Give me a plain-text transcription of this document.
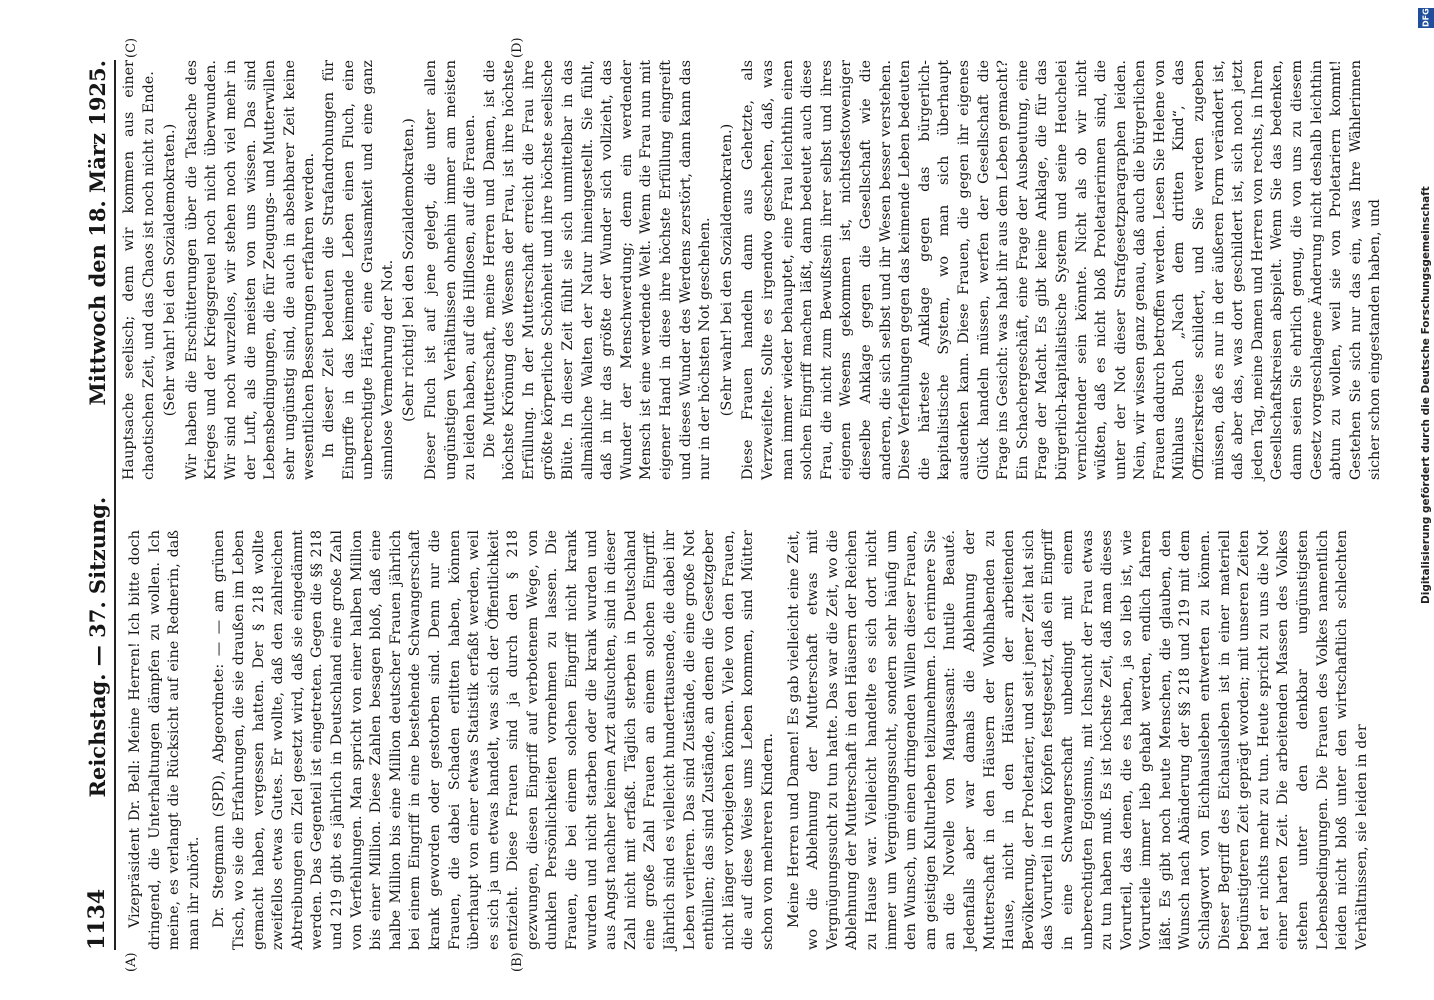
1134
Reichstag. — 37. Sitzung.
Mittwoch den 18. März 1925.
(A)	(B)
(C)	(D)

Vizepräsident Dr. Bell: Meine Herren! Ich bitte doch dringend, die Unterhaltungen dämpfen zu wollen. Ich meine, es verlangt die Rücksicht auf eine Rednerin, daß man ihr zuhört. Dr. Stegmann (SPD), Abgeordnete: — — am grünen Tisch, wo sie die Erfahrungen, die sie draußen im Leben gemacht haben, vergessen hatten. Der § 218 wollte zweifellos etwas Gutes. Er wollte, daß den zahlreichen Abtreibungen ein Ziel gesetzt wird, daß sie eingedämmt werden. Das Gegenteil ist eingetreten. Gegen die §§ 218 und 219 gibt es jährlich in Deutschland eine große Zahl von Verfehlungen. Man spricht von einer halben Million bis einer Million. Diese Zahlen besagen bloß, daß eine halbe Million bis eine Million deutscher Frauen jährlich bei einem Eingriff in eine bestehende Schwangerschaft krank geworden oder gestorben sind. Denn nur die Frauen, die dabei Schaden erlitten haben, können überhaupt von einer etwas Statistik erfaßt werden, weil es sich ja um etwas handelt, was sich der Öffentlichkeit entzieht. Diese Frauen sind ja durch den § 218 gezwungen, diesen Eingriff auf verbotenem Wege, von dunklen Persönlichkeiten vornehmen zu lassen. Die Frauen, die bei einem solchen Eingriff nicht krank wurden und nicht starben oder die krank wurden und aus Angst nachher keinen Arzt aufsuchten, sind in dieser Zahl nicht mit erfaßt. Täglich sterben in Deutschland eine große Zahl Frauen an einem solchen Eingriff. Jährlich sind es vielleicht hunderttausende, die dabei ihr Leben verlieren. Das sind Zustände, die eine große Not enthüllen; das sind Zustände, an denen die Gesetzgeber nicht länger vorbeigehen können. Viele von den Frauen, die auf diese Weise ums Leben kommen, sind Mütter schon von mehreren Kindern. Meine Herren und Damen! Es gab vielleicht eine Zeit, wo die Ablehnung der Mutterschaft etwas mit Vergnügungssucht zu tun hatte. Das war die Zeit, wo die Ablehnung der Mutterschaft in den Häusern der Reichen zu Hause war. Vielleicht handelte es sich dort nicht immer um Vergnügungssucht, sondern sehr häufig um den Wunsch, um einen dringenden Willen dieser Frauen, am geistigen Kulturleben teilzunehmen. Ich erinnere Sie an die Novelle von Maupassant: Inutile Beauté. Jedenfalls aber war damals die Ablehnung der Mutterschaft in den Häusern der Wohlhabenden zu Hause, nicht in den Häusern der arbeitenden Bevölkerung, der Proletarier, und seit jener Zeit hat sich das Vorurteil in den Köpfen festgesetzt, daß ein Eingriff in eine Schwangerschaft unbedingt mit einem unberechtigten Egoismus, mit Ichsucht der Frau etwas zu tun haben muß. Es ist höchste Zeit, daß man dieses Vorurteil, das denen, die es haben, ja so lieb ist, wie Vorurteile immer lieb gehabt werden, endlich fahren läßt. Es gibt noch heute Menschen, die glauben, den Wunsch nach Abänderung der §§ 218 und 219 mit dem Schlagwort von Eichhausleben entwerten zu können. Dieser Begriff des Eichausleben ist in einer materiell begünstigteren Zeit geprägt worden; mit unseren Zeiten hat er nichts mehr zu tun. Heute spricht zu uns die Not einer harten Zeit. Die arbeitenden Massen des Volkes stehen unter den denkbar ungünstigsten Lebensbedingungen. Die Frauen des Volkes namentlich leiden nicht bloß unter den wirtschaftlich schlechten Verhältnissen, sie leiden in der

Hauptsache seelisch; denn wir kommen aus einer chaotischen Zeit, und das Chaos ist noch nicht zu Ende. (Sehr wahr! bei den Sozialdemokraten.) Wir haben die Erschütterungen über die Tatsache des Krieges und der Kriegsgreuel noch nicht überwunden. Wir sind noch wurzellos, wir stehen noch viel mehr in der Luft, als die meisten von uns wissen. Das sind Lebensbedingungen, die für Zeugungs- und Mutterwillen sehr ungünstig sind, die auch in absehbarer Zeit keine wesentlichen Besserungen erfahren werden. In dieser Zeit bedeuten die Strafandrohungen für Eingriffe in das keimende Leben einen Fluch, eine unberechtigte Härte, eine Grausamkeit und eine ganz sinnlose Vermehrung der Not. (Sehr richtig! bei den Sozialdemokraten.) Dieser Fluch ist auf jene gelegt, die unter allen ungünstigen Verhältnissen ohnehin immer am meisten zu leiden haben, auf die Hilflosen, auf die Frauen. Die Mutterschaft, meine Herren und Damen, ist die höchste Krönung des Wesens der Frau, ist ihre höchste Erfüllung. In der Mutterschaft erreicht die Frau ihre größte körperliche Schönheit und ihre höchste seelische Blüte. In dieser Zeit fühlt sie sich unmittelbar in das allmähliche Walten der Natur hineingestellt. Sie fühlt, daß in ihr das größte der Wunder sich vollzieht, das Wunder der Menschwerdung; denn ein werdender Mensch ist eine werdende Welt. Wenn die Frau nun mit eigener Hand in diese ihre höchste Erfüllung eingreift und dieses Wunder des Werdens zerstört, dann kann das nur in der höchsten Not geschehen. (Sehr wahr! bei den Sozialdemokraten.) Diese Frauen handeln dann aus Gehetzte, als Verzweifelte. Sollte es irgendwo geschehen, daß, was man immer wieder behauptet, eine Frau leichthin einen solchen Eingriff machen läßt, dann bedeutet auch diese Frau, die nicht zum Bewußtsein ihrer selbst und ihres eigenen Wesens gekommen ist, nichtsdestoweniger dieselbe Anklage gegen die Gesellschaft wie die anderen, die sich selbst und ihr Wesen besser verstehen. Diese Verfehlungen gegen das keimende Leben bedeuten die härteste Anklage gegen das bürgerlich-kapitalistische System, wo man sich überhaupt ausdenken kann. Diese Frauen, die gegen ihr eigenes Glück handeln müssen, werfen der Gesellschaft die Frage ins Gesicht: was habt ihr aus dem Leben gemacht? Ein Schachergeschäft, eine Frage der Ausbeutung, eine Frage der Macht. Es gibt keine Anklage, die für das bürgerlich-kapitalistische System und seine Heuchelei vernichtender sein könnte. Nicht als ob wir nicht wüßten, daß es nicht bloß Proletarierinnen sind, die unter der Not dieser Strafgesetzparagraphen leiden. Nein, wir wissen ganz genau, daß auch die bürgerlichen Frauen dadurch betroffen werden. Lesen Sie Helene von Mühlaus Buch „Nach dem dritten Kind“, das Offizierskreise schildert, und Sie werden zugeben müssen, daß es nur in der äußeren Form verändert ist, daß aber das, was dort geschildert ist, sich noch jetzt jeden Tag, meine Damen und Herren von rechts, in Ihren Gesellschaftskreisen abspielt. Wenn Sie das bedenken, dann seien Sie ehrlich genug, die von uns zu diesem Gesetz vorgeschlagene Änderung nicht deshalb leichthin abtun zu wollen, weil sie von Proletariern kommt! Gestehen Sie sich nur das ein, was Ihre Wählerinnen sicher schon eingestanden haben, und

DFG
Digitalisierung gefördert durch die Deutsche Forschungsgemeinschaft
